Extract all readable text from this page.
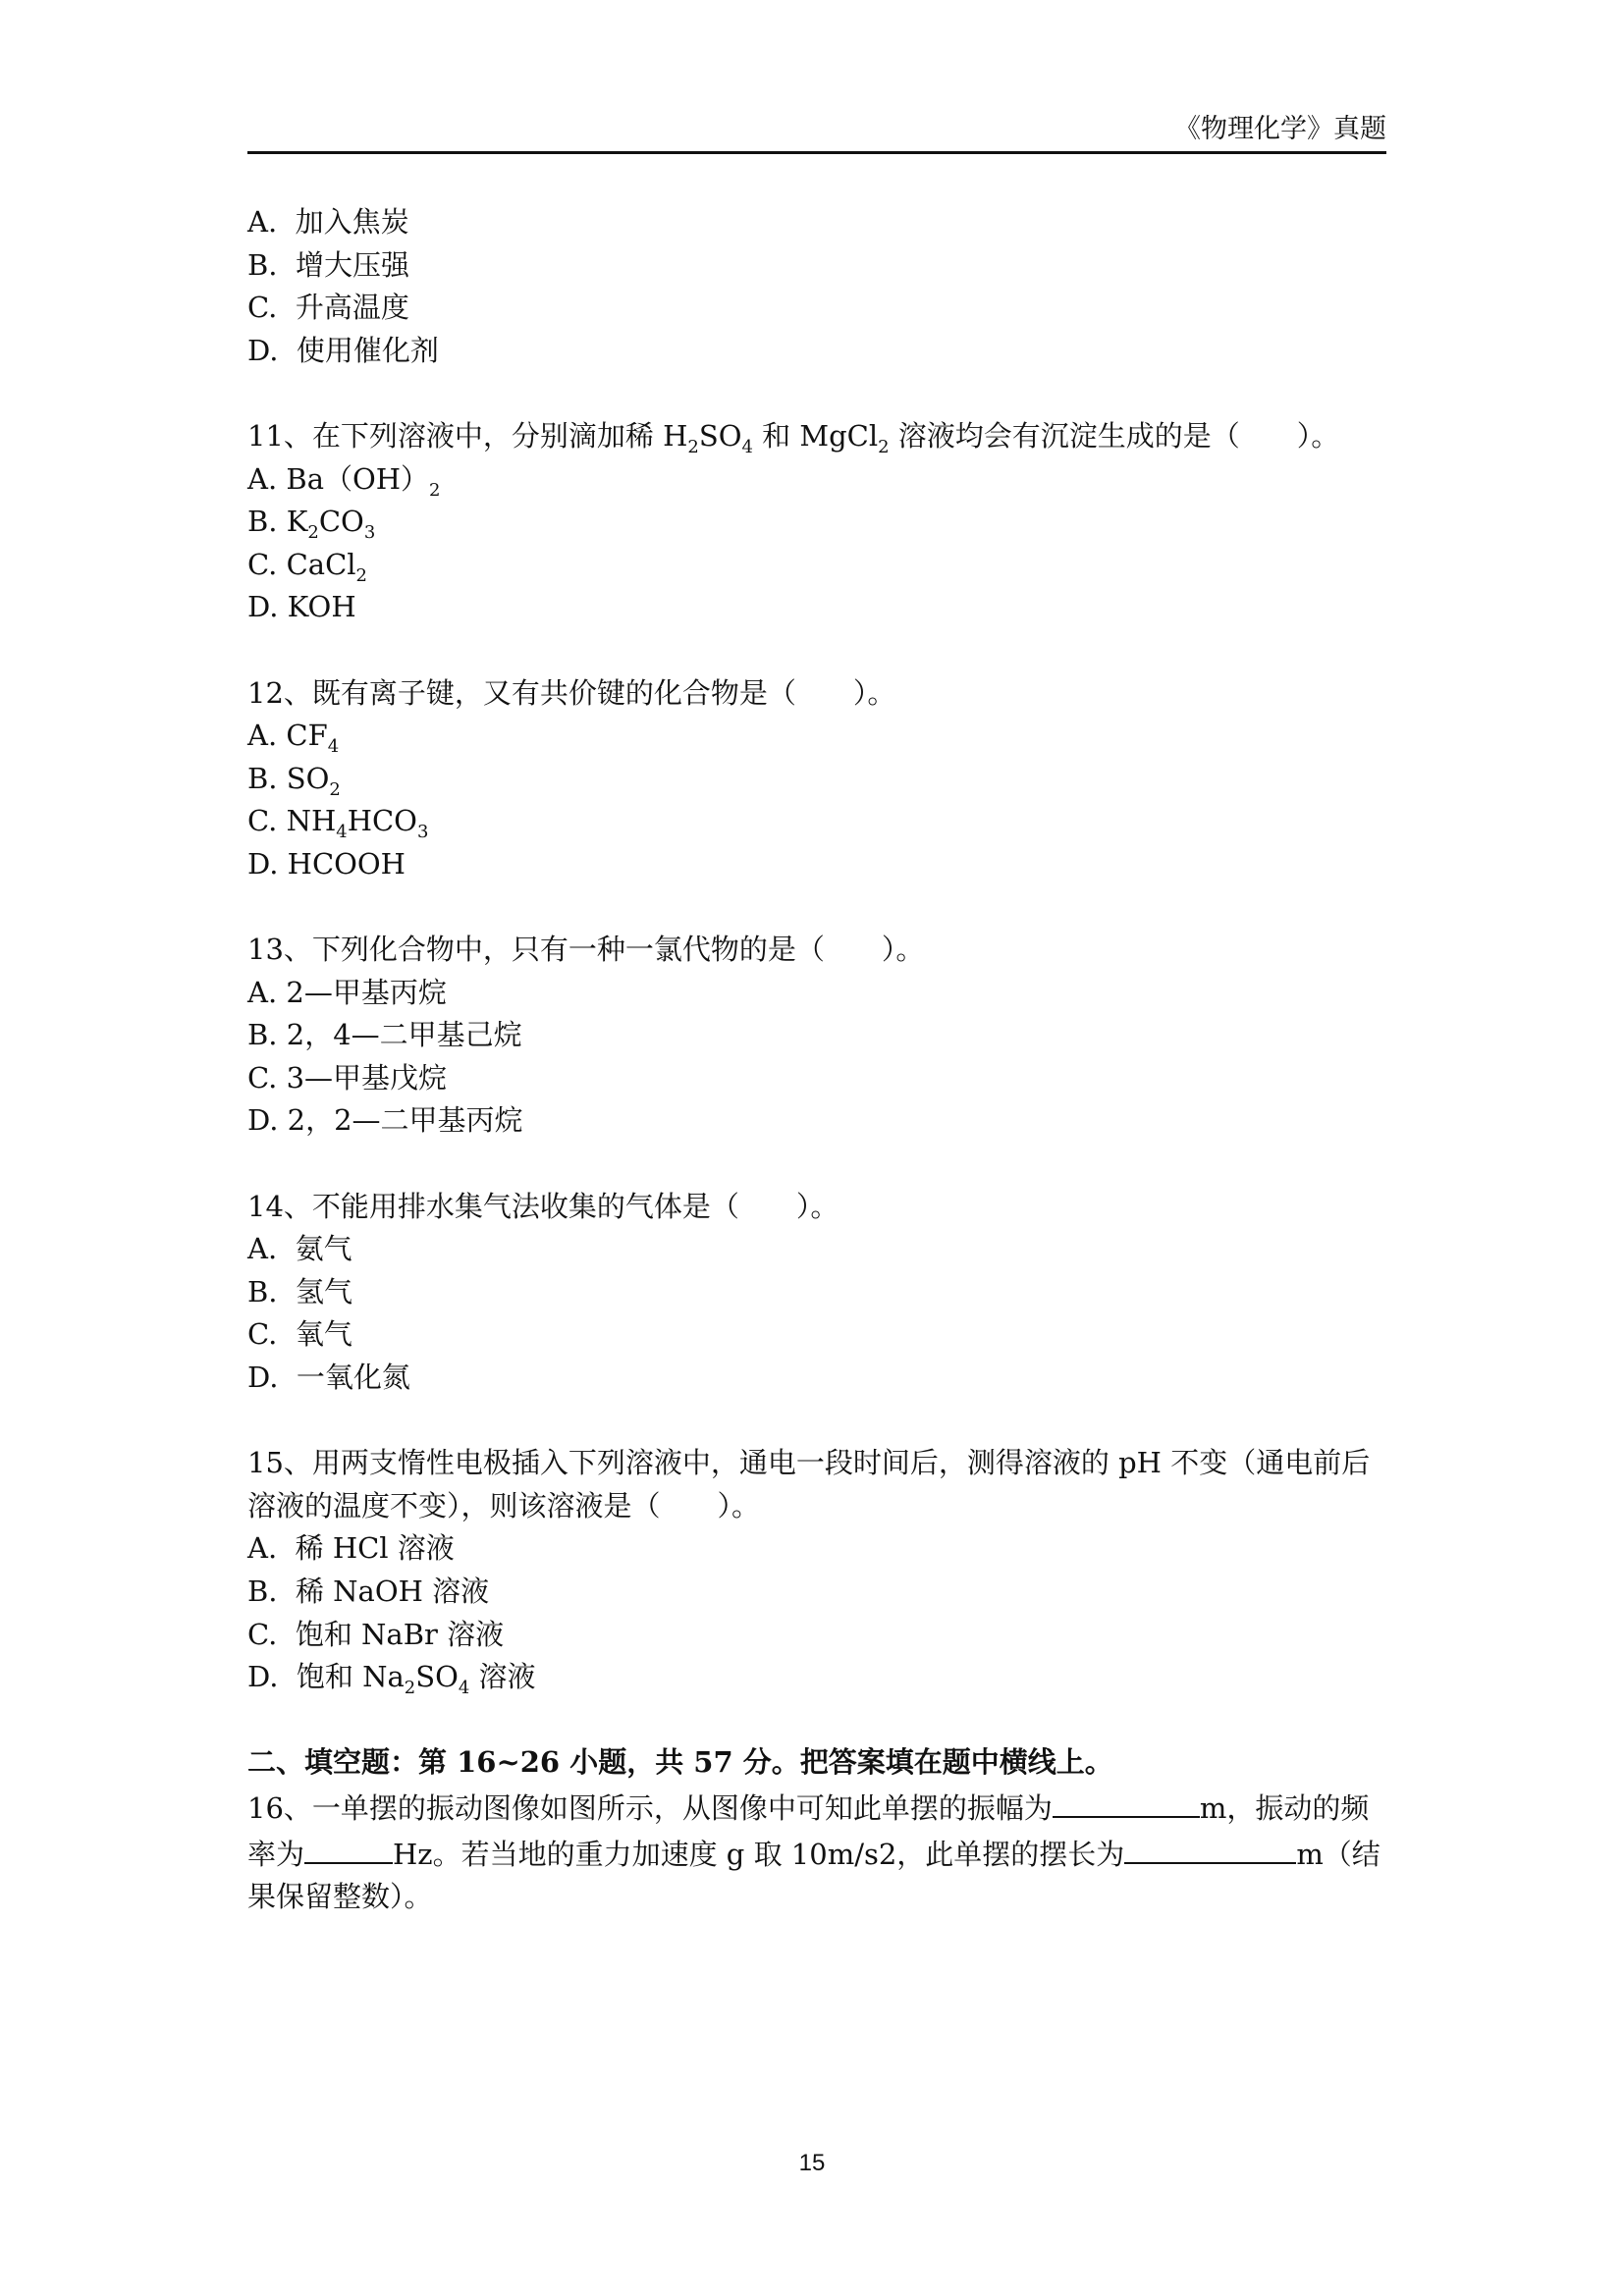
《物理化学》真题
A. 加入焦炭
B. 增大压强
C. 升高温度
D. 使用催化剂
11、在下列溶液中，分别滴加稀 $H_2SO_4$ 和 MgCl$_2$ 溶液均会有沉淀生成的是（　　）。
A. $Ba(OH)_2$
B. $K_2CO_3$
C. CaCl$_2$
D. KOH
12、既有离子键，又有共价键的化合物是（　　）。
A. $CF_4$
B. $SO_2$
C. $NH_4HCO_3$
D. HCOOH
13、下列化合物中，只有一种一氯代物的是（　　）。
A. 2—甲基丙烷
B. 2，4—二甲基己烷
C. 3—甲基戊烷
D. 2，2—二甲基丙烷
14、不能用排水集气法收集的气体是（　　）。
A. 氨气
B. 氢气
C. 氧气
D. 一氧化氮
15、用两支惰性电极插入下列溶液中，通电一段时间后，测得溶液的 pH 不变（通电前后溶液的温度不变），则该溶液是（　　）。
A. 稀 HCl 溶液
B. 稀 NaOH 溶液
C. 饱和 NaBr 溶液
D. 饱和 $Na_2SO_4$ 溶液
二、填空题：第 16~26 小题，共 57 分。把答案填在题中横线上。
16、一单摆的振动图像如图所示，从图像中可知此单摆的振幅为	m，振动的频率为	Hz。若当地的重力加速度 g 取 10m/s2，此单摆的摆长为	m（结果保留整数）。
15
